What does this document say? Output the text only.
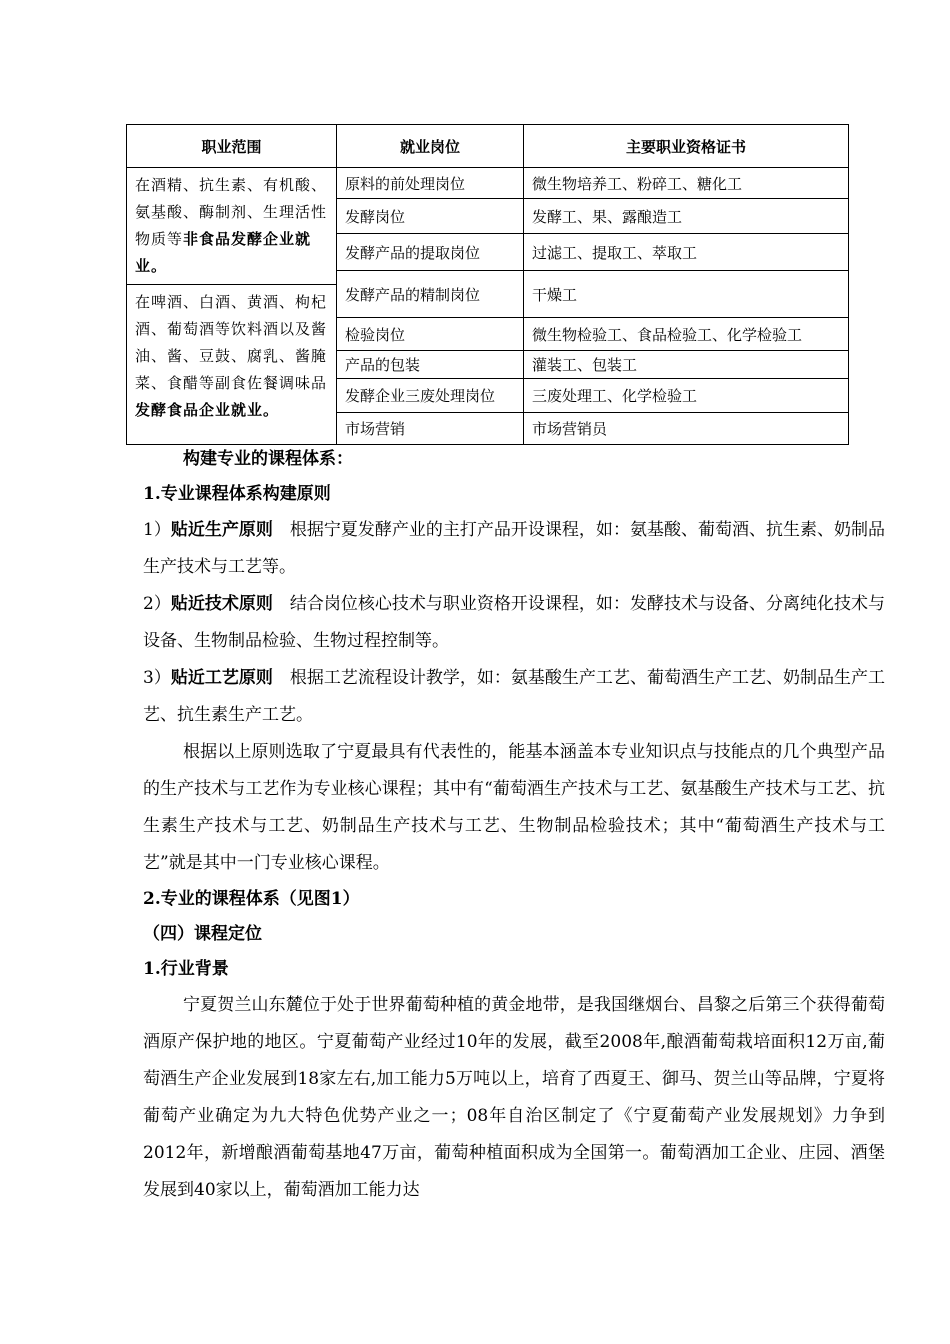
职业范围	就业岗位	主要职业资格证书
在酒精、抗生素、有机酸、氨基酸、酶制剂、生理活性物质等非食品发酵企业就业。	原料的前处理岗位	微生物培养工、粉碎工、糖化工
	发酵岗位	发酵工、果、露酿造工
	发酵产品的提取岗位	过滤工、提取工、萃取工
	发酵产品的精制岗位	干燥工
在啤酒、白酒、黄酒、枸杞酒、葡萄酒等饮料酒以及酱油、酱、豆鼓、腐乳、酱腌菜、食醋等副食佐餐调味品发酵食品企业就业。		
	检验岗位	微生物检验工、食品检验工、化学检验工
	产品的包装	灌装工、包装工
	发酵企业三废处理岗位	三废处理工、化学检验工
	市场营销	市场营销员

构建专业的课程体系：

1.专业课程体系构建原则

1）贴近生产原则　根据宁夏发酵产业的主打产品开设课程，如：氨基酸、葡萄酒、抗生素、奶制品生产技术与工艺等。

2）贴近技术原则　结合岗位核心技术与职业资格开设课程，如：发酵技术与设备、分离纯化技术与设备、生物制品检验、生物过程控制等。

3）贴近工艺原则　根据工艺流程设计教学，如：氨基酸生产工艺、葡萄酒生产工艺、奶制品生产工艺、抗生素生产工艺。

根据以上原则选取了宁夏最具有代表性的，能基本涵盖本专业知识点与技能点的几个典型产品的生产技术与工艺作为专业核心课程；其中有“葡萄酒生产技术与工艺、氨基酸生产技术与工艺、抗生素生产技术与工艺、奶制品生产技术与工艺、生物制品检验技术；其中“葡萄酒生产技术与工艺”就是其中一门专业核心课程。

2.专业的课程体系（见图1）

（四）课程定位

1.行业背景

宁夏贺兰山东麓位于处于世界葡萄种植的黄金地带，是我国继烟台、昌黎之后第三个获得葡萄酒原产保护地的地区。宁夏葡萄产业经过10年的发展，截至2008年,酿酒葡萄栽培面积12万亩,葡萄酒生产企业发展到18家左右,加工能力5万吨以上，培育了西夏王、御马、贺兰山等品牌，宁夏将葡萄产业确定为九大特色优势产业之一；08年自治区制定了《宁夏葡萄产业发展规划》力争到2012年，新增酿酒葡萄基地47万亩，葡萄种植面积成为全国第一。葡萄酒加工企业、庄园、酒堡发展到40家以上，葡萄酒加工能力达
